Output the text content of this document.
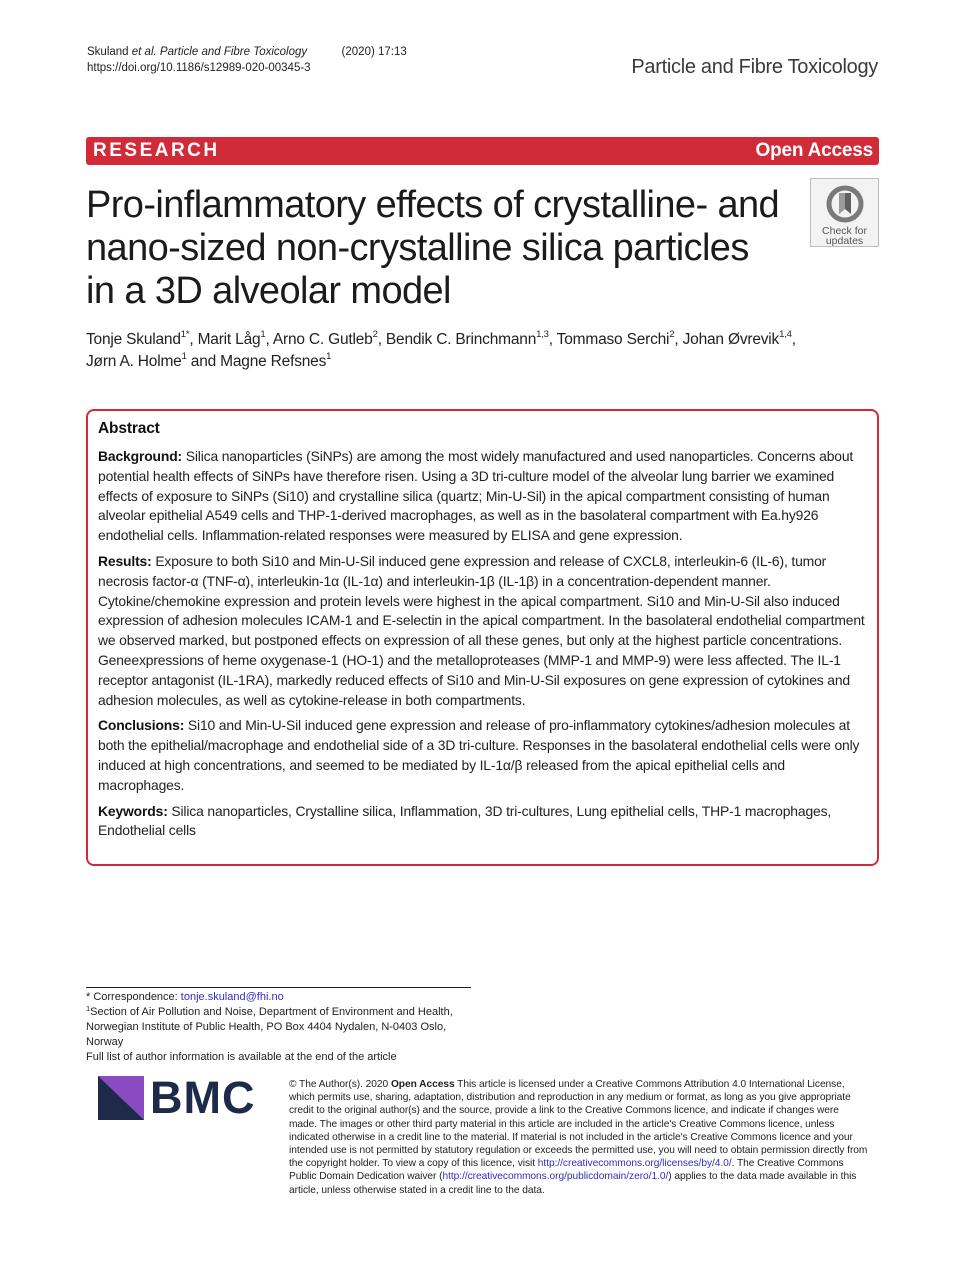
Skuland et al. Particle and Fibre Toxicology	(2020) 17:13
https://doi.org/10.1186/s12989-020-00345-3	Particle and Fibre Toxicology
RESEARCH	Open Access
Pro-inflammatory effects of crystalline- and nano-sized non-crystalline silica particles in a 3D alveolar model
Check for
updates
Tonje Skuland$^{1*}$, Marit Låg$^1$, Arno C. Gutleb$^2$, Bendik C. Brinchmann$^{1,3}$, Tommaso Serchi$^2$, Johan Øvrevik$^{1,4}$,
Jørn A. Holme$^1$ and Magne Refsnes$^1$
Abstract

Background: Silica nanoparticles (SiNPs) are among the most widely manufactured and used nanoparticles. Concerns about potential health effects of SiNPs have therefore risen. Using a 3D tri-culture model of the alveolar lung barrier we examined effects of exposure to SiNPs (Si10) and crystalline silica (quartz; Min-U-Sil) in the apical compartment consisting of human alveolar epithelial A549 cells and THP-1-derived macrophages, as well as in the basolateral compartment with Ea.hy926 endothelial cells. Inflammation-related responses were measured by ELISA and gene expression.

Results: Exposure to both Si10 and Min-U-Sil induced gene expression and release of CXCL8, interleukin-6 (IL-6), tumor necrosis factor-α (TNF-α), interleukin-1α (IL-1α) and interleukin-1β (IL-1β) in a concentration-dependent manner. Cytokine/chemokine expression and protein levels were highest in the apical compartment. Si10 and Min-U-Sil also induced expression of adhesion molecules ICAM-1 and E-selectin in the apical compartment. In the basolateral endothelial compartment we observed marked, but postponed effects on expression of all these genes, but only at the highest particle concentrations. Geneexpressions of heme oxygenase-1 (HO-1) and the metalloproteases (MMP-1 and MMP-9) were less affected. The IL-1 receptor antagonist (IL-1RA), markedly reduced effects of Si10 and Min-U-Sil exposures on gene expression of cytokines and adhesion molecules, as well as cytokine-release in both compartments.

Conclusions: Si10 and Min-U-Sil induced gene expression and release of pro-inflammatory cytokines/adhesion molecules at both the epithelial/macrophage and endothelial side of a 3D tri-culture. Responses in the basolateral endothelial cells were only induced at high concentrations, and seemed to be mediated by IL-1α/β released from the apical epithelial cells and macrophages.

Keywords: Silica nanoparticles, Crystalline silica, Inflammation, 3D tri-cultures, Lung epithelial cells, THP-1 macrophages, Endothelial cells

* Correspondence: tonje.skuland@fhi.no
$^1$Section of Air Pollution and Noise, Department of Environment and Health, Norwegian Institute of Public Health, PO Box 4404 Nydalen, N-0403 Oslo, Norway
Full list of author information is available at the end of the article
BMC	© The Author(s). 2020 Open Access This article is licensed under a Creative Commons Attribution 4.0 International License, which permits use, sharing, adaptation, distribution and reproduction in any medium or format, as long as you give appropriate credit to the original author(s) and the source, provide a link to the Creative Commons licence, and indicate if changes were made. The images or other third party material in this article are included in the article's Creative Commons licence, unless indicated otherwise in a credit line to the material. If material is not included in the article's Creative Commons licence and your intended use is not permitted by statutory regulation or exceeds the permitted use, you will need to obtain permission directly from the copyright holder. To view a copy of this licence, visit http://creativecommons.org/licenses/by/4.0/. The Creative Commons Public Domain Dedication waiver (http://creativecommons.org/publicdomain/zero/1.0/) applies to the data made available in this article, unless otherwise stated in a credit line to the data.
